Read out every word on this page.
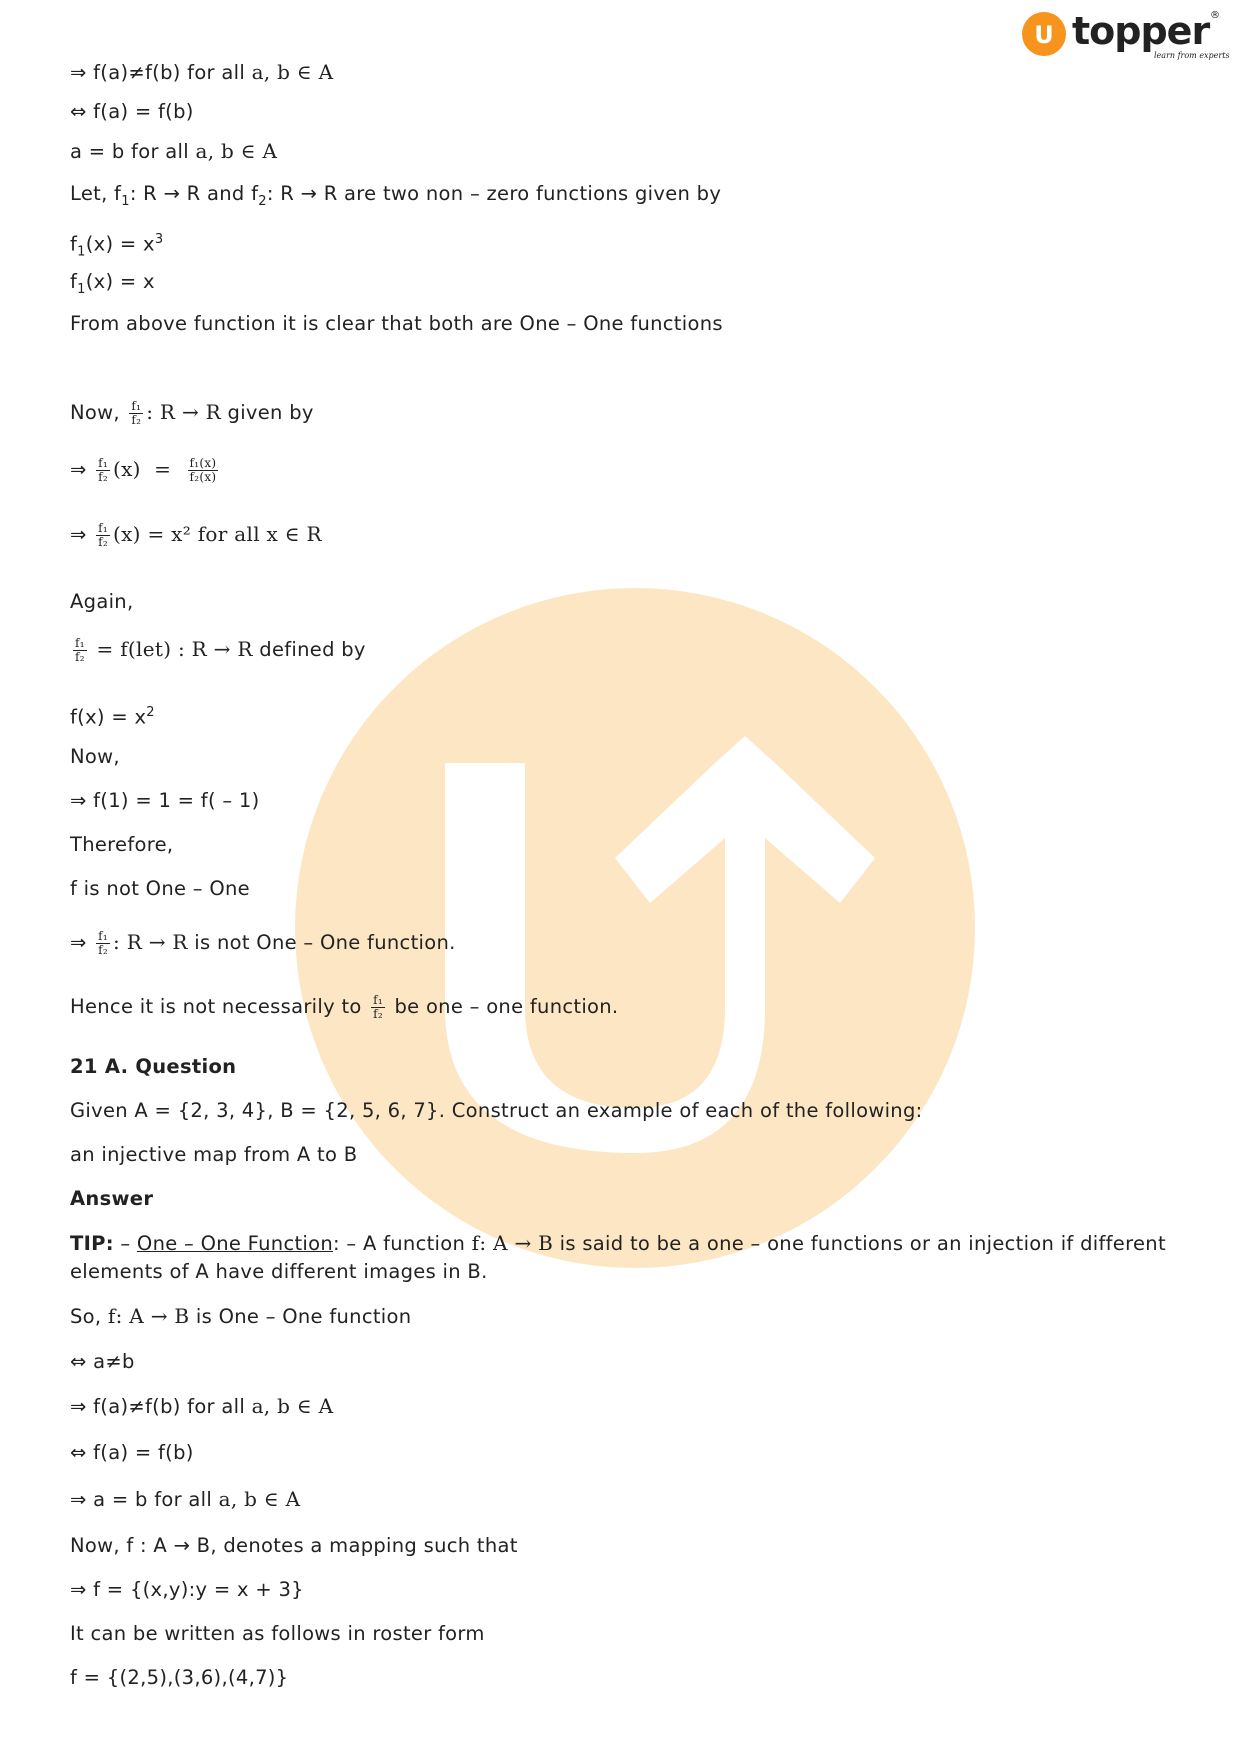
U topper ®
learn from experts
⇒ f(a)≠f(b) for all a, b ∈ A
⇔ f(a) = f(b)
a = b for all a, b ∈ A
Let, $f_1$: R → R and $f_2$: R → R are two non – zero functions given by
$f_1(x) = x^3$
$f_1(x) = x$
From above function it is clear that both are One – One functions
Now, $\frac{\text{f₁}}{\text{f₂}}$ : R → R given by
⇒ $\frac{\text{f₁}}{\text{f₂}} (x) = \frac{\text{f₁(x)}}{\text{f₂(x)}}$
⇒ $\frac{\text{f₁}}{\text{f₂}} (x) = x^2$ for all x ∈ R
Again,
$\frac{\text{f₁}}{\text{f₂}} = f(let)$ : R → R defined by
$f(x) = x^2$
Now,
⇒ f(1) = 1 = f( – 1)
Therefore,
f is not One – One
⇒ $\frac{\text{f₁}}{\text{f₂}}$ : R → R is not One – One function.
Hence it is not necessarily to $\frac{\text{f₁}}{\text{f₂}}$ be one – one function.
21 A. Question
Given A = {2, 3, 4}, B = {2, 5, 6, 7}. Construct an example of each of the following:
an injective map from A to B
Answer
TIP: – One – One Function: – A function f: A → B is said to be a one – one functions or an injection if different elements of A have different images in B.
So, f: A → B is One – One function
⇔ a≠b
⇒ f(a)≠f(b) for all a, b ∈ A
⇔ f(a) = f(b)
⇒ a = b for all a, b ∈ A
Now, f : A → B, denotes a mapping such that
⇒ f = {(x,y):y = x + 3}
It can be written as follows in roster form
f = {(2,5),(3,6),(4,7)}
